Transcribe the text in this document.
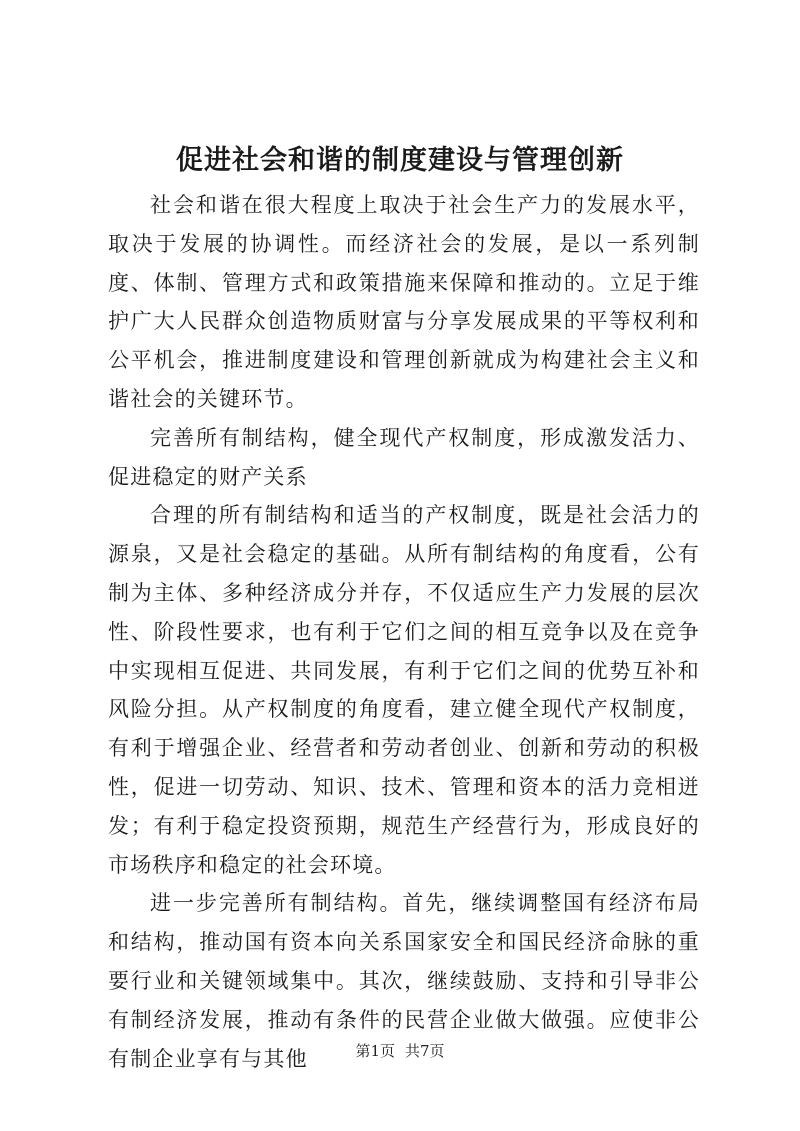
促进社会和谐的制度建设与管理创新

社会和谐在很大程度上取决于社会生产力的发展水平，取决于发展的协调性。而经济社会的发展，是以一系列制度、体制、管理方式和政策措施来保障和推动的。立足于维护广大人民群众创造物质财富与分享发展成果的平等权利和公平机会，推进制度建设和管理创新就成为构建社会主义和谐社会的关键环节。

完善所有制结构，健全现代产权制度，形成激发活力、促进稳定的财产关系

合理的所有制结构和适当的产权制度，既是社会活力的源泉，又是社会稳定的基础。从所有制结构的角度看，公有制为主体、多种经济成分并存，不仅适应生产力发展的层次性、阶段性要求，也有利于它们之间的相互竞争以及在竞争中实现相互促进、共同发展，有利于它们之间的优势互补和风险分担。从产权制度的角度看，建立健全现代产权制度，有利于增强企业、经营者和劳动者创业、创新和劳动的积极性，促进一切劳动、知识、技术、管理和资本的活力竞相迸发；有利于稳定投资预期，规范生产经营行为，形成良好的市场秩序和稳定的社会环境。

进一步完善所有制结构。首先，继续调整国有经济布局和结构，推动国有资本向关系国家安全和国民经济命脉的重要行业和关键领域集中。其次，继续鼓励、支持和引导非公有制经济发展，推动有条件的民营企业做大做强。应使非公有制企业享有与其他	第1页 共7页
